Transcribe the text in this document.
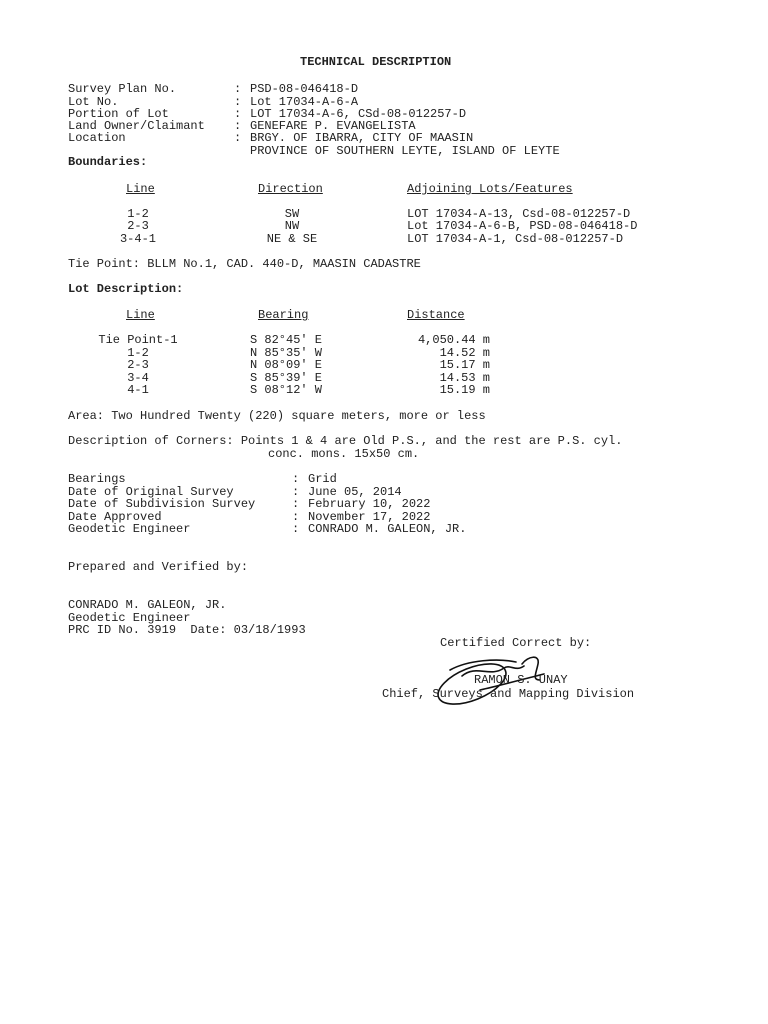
TECHNICAL DESCRIPTION
Survey Plan No.	: PSD-08-046418-D
Lot No.	: Lot 17034-A-6-A
Portion of Lot	: LOT 17034-A-6, CSd-08-012257-D
Land Owner/Claimant : GENEFARE P. EVANGELISTA
Location	: BRGY. OF IBARRA, CITY OF MAASIN
PROVINCE OF SOUTHERN LEYTE, ISLAND OF LEYTE
Boundaries:
Line	Direction	Adjoining Lots/Features
1-2	SW	LOT 17034-A-13, Csd-08-012257-D
2-3	NW	Lot 17034-A-6-B, PSD-08-046418-D
3-4-1	NE & SE	LOT 17034-A-1, Csd-08-012257-D
Tie Point: BLLM No.1, CAD. 440-D, MAASIN CADASTRE
Lot Description:
Line	Bearing	Distance
Tie Point-1	S 82°45' E	4,050.44 m
1-2	N 85°35' W	14.52 m
2-3	N 08°09' E	15.17 m
3-4	S 85°39' E	14.53 m
4-1	S 08°12' W	15.19 m
Area: Two Hundred Twenty (220) square meters, more or less
Description of Corners: Points 1 & 4 are Old P.S., and the rest are P.S. cyl.
conc. mons. 15x50 cm.
Bearings	: Grid
Date of Original Survey	: June 05, 2014
Date of Subdivision Survey	: February 10, 2022
Date Approved	: November 17, 2022
Geodetic Engineer	: CONRADO M. GALEON, JR.
Prepared and Verified by:
CONRADO M. GALEON, JR.
Geodetic Engineer
PRC ID No. 3919  Date: 03/18/1993
Certified Correct by:
RAMON S. UNAY
Chief, Surveys and Mapping Division
